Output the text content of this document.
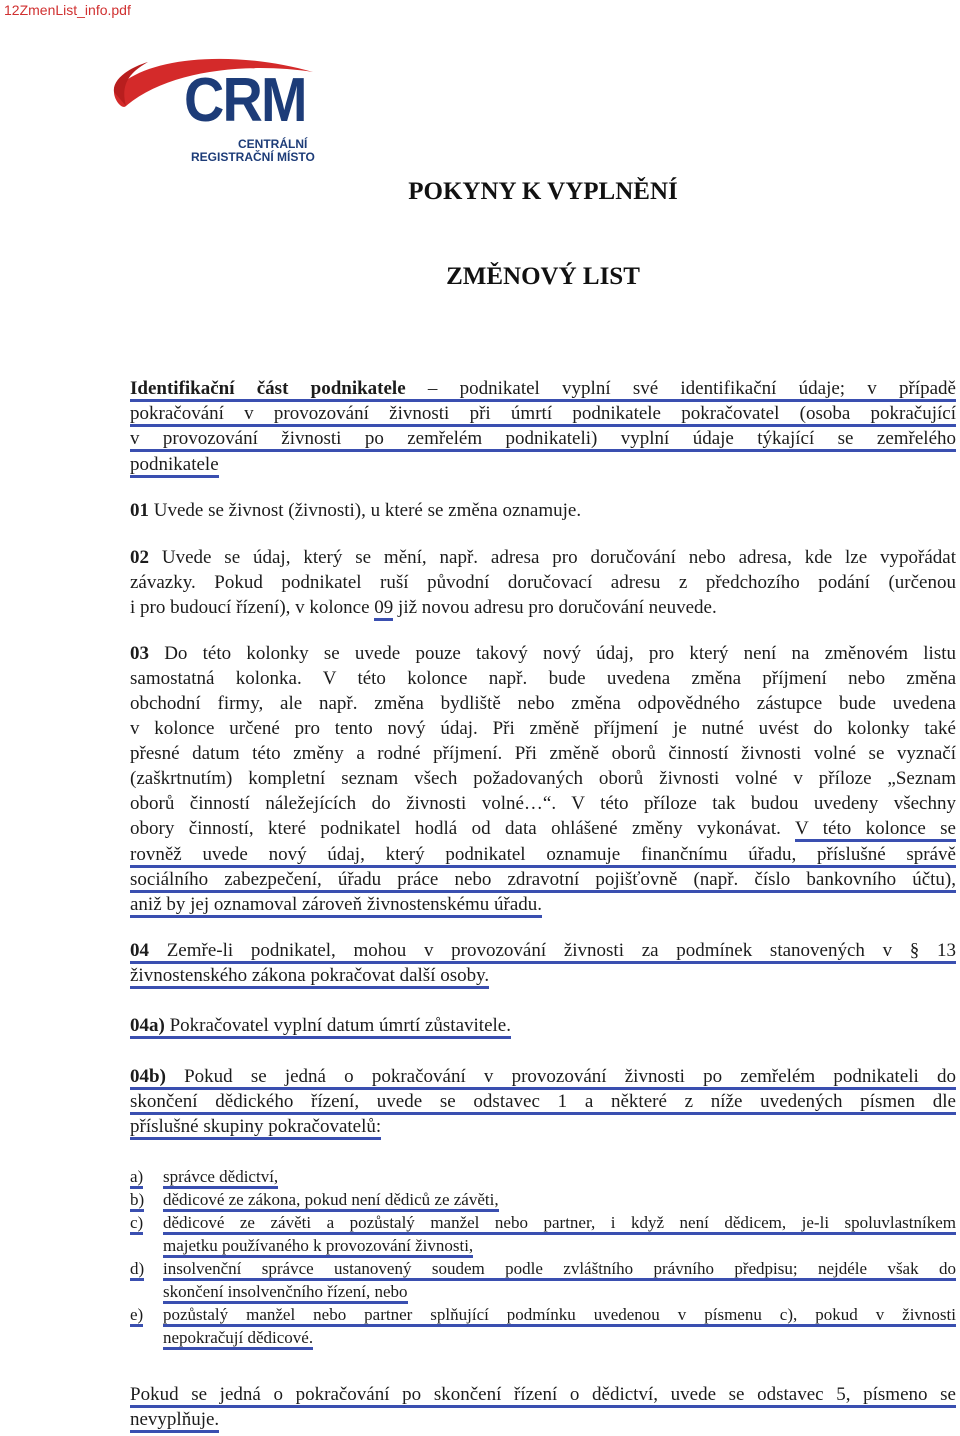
12ZmenList_info.pdf
CRM
CENTRÁLNÍ
REGISTRAČNÍ MÍSTO
POKYNY K VYPLNĚNÍ
ZMĚNOVÝ LIST
Identifikační část podnikatele – podnikatel vyplní své identifikační údaje; v případě
pokračování v provozování živnosti při úmrtí podnikatele pokračovatel (osoba pokračující
v provozování živnosti po zemřelém podnikateli) vyplní údaje týkající se zemřelého
podnikatele
01 Uvede se živnost (živnosti), u které se změna oznamuje.
02 Uvede se údaj, který se mění, např. adresa pro doručování nebo adresa, kde lze vypořádat
závazky. Pokud podnikatel ruší původní doručovací adresu z předchozího podání (určenou
i pro budoucí řízení), v kolonce 09 již novou adresu pro doručování neuvede.
03 Do této kolonky se uvede pouze takový nový údaj, pro který není na změnovém listu
samostatná kolonka. V této kolonce např. bude uvedena změna příjmení nebo změna
obchodní firmy, ale např. změna bydliště nebo změna odpovědného zástupce bude uvedena
v kolonce určené pro tento nový údaj. Při změně příjmení je nutné uvést do kolonky také
přesné datum této změny a rodné příjmení. Při změně oborů činností živnosti volné se vyznačí
(zaškrtnutím) kompletní seznam všech požadovaných oborů živnosti volné v příloze „Seznam
oborů činností náležejících do živnosti volné…“. V této příloze tak budou uvedeny všechny
obory činností, které podnikatel hodlá od data ohlášené změny vykonávat. V této kolonce se
rovněž uvede nový údaj, který podnikatel oznamuje finančnímu úřadu, příslušné správě
sociálního zabezpečení, úřadu práce nebo zdravotní pojišťovně (např. číslo bankovního účtu),
aniž by jej oznamoval zároveň živnostenskému úřadu.
04 Zemře-li podnikatel, mohou v provozování živnosti za podmínek stanovených v § 13
živnostenského zákona pokračovat další osoby.
04a) Pokračovatel vyplní datum úmrtí zůstavitele.
04b) Pokud se jedná o pokračování v provozování živnosti po zemřelém podnikateli do
skončení dědického řízení, uvede se odstavec 1 a některé z níže uvedených písmen dle
příslušné skupiny pokračovatelů:
a) správce dědictví,
b) dědicové ze zákona, pokud není dědiců ze závěti,
c) dědicové ze závěti a pozůstalý manžel nebo partner, i když není dědicem, je-li spoluvlastníkem
majetku používaného k provozování živnosti,
d) insolvenční správce ustanovený soudem podle zvláštního právního předpisu; nejdéle však do
skončení insolvenčního řízení, nebo
e) pozůstalý manžel nebo partner splňující podmínku uvedenou v písmenu c), pokud v živnosti
nepokračují dědicové.
Pokud se jedná o pokračování po skončení řízení o dědictví, uvede se odstavec 5, písmeno se
nevyplňuje.
